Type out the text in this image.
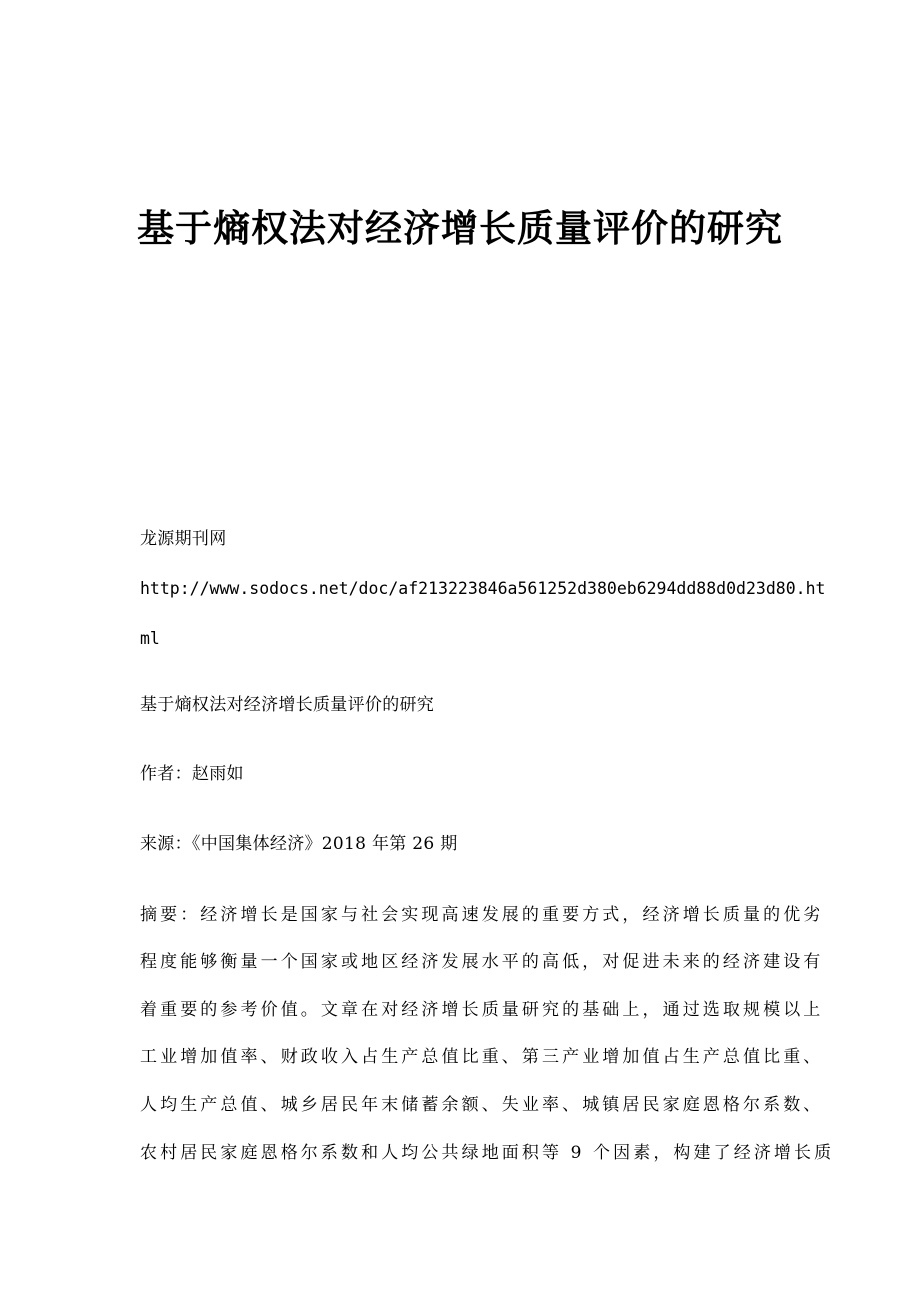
基于熵权法对经济增长质量评价的研究
龙源期刊网
http://www.sodocs.net/doc/af213223846a561252d380eb6294dd88d0d23d80.ht
ml
基于熵权法对经济增长质量评价的研究
作者：赵雨如
来源：《中国集体经济》2018 年第 26 期
摘要：经济增长是国家与社会实现高速发展的重要方式，经济增长质量的优劣
程度能够衡量一个国家或地区经济发展水平的高低，对促进未来的经济建设有
着重要的参考价值。文章在对经济增长质量研究的基础上，通过选取规模以上
工业增加值率、财政收入占生产总值比重、第三产业增加值占生产总值比重、
人均生产总值、城乡居民年末储蓄余额、失业率、城镇居民家庭恩格尔系数、
农村居民家庭恩格尔系数和人均公共绿地面积等 9 个因素，构建了经济增长质
